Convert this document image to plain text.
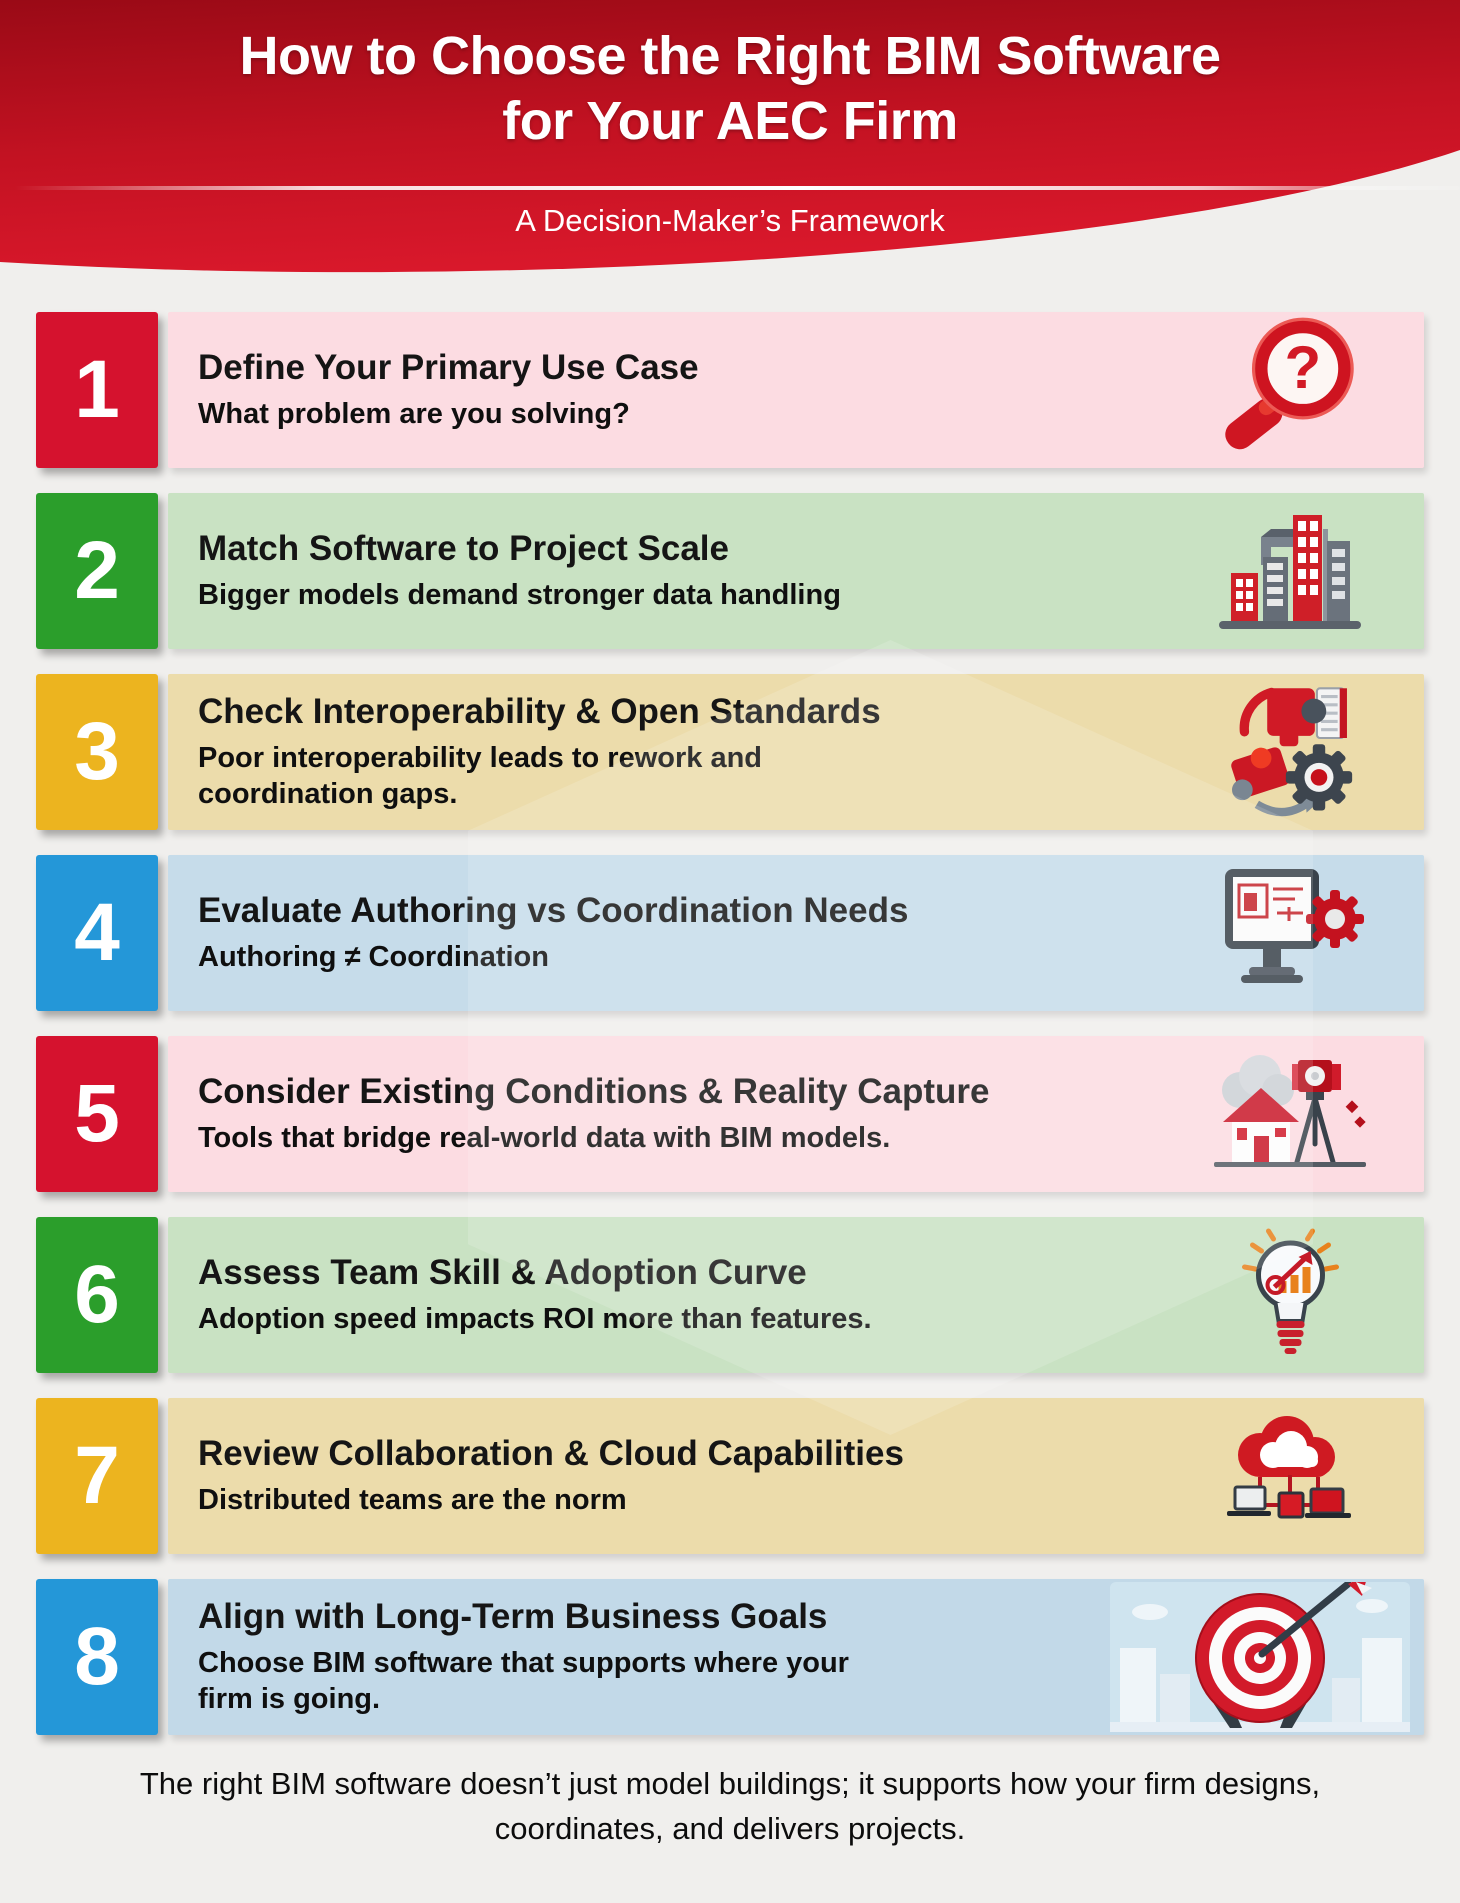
How to Choose the Right BIM Software
for Your AEC Firm
A Decision-Maker’s Framework
1	Define Your Primary Use Case
What problem are you solving?
?
2	Match Software to Project Scale
Bigger models demand stronger data handling
3	Check Interoperability & Open Standards
Poor interoperability leads to rework and coordination gaps.
4	Evaluate Authoring vs Coordination Needs
Authoring ≠ Coordination
5	Consider Existing Conditions & Reality Capture
Tools that bridge real-world data with BIM models.
6	Assess Team Skill & Adoption Curve
Adoption speed impacts ROI more than features.
7	Review Collaboration & Cloud Capabilities
Distributed teams are the norm
8	Align with Long-Term Business Goals
Choose BIM software that supports where your firm is going.
The right BIM software doesn’t just model buildings; it supports how your firm designs, coordinates, and delivers projects.
